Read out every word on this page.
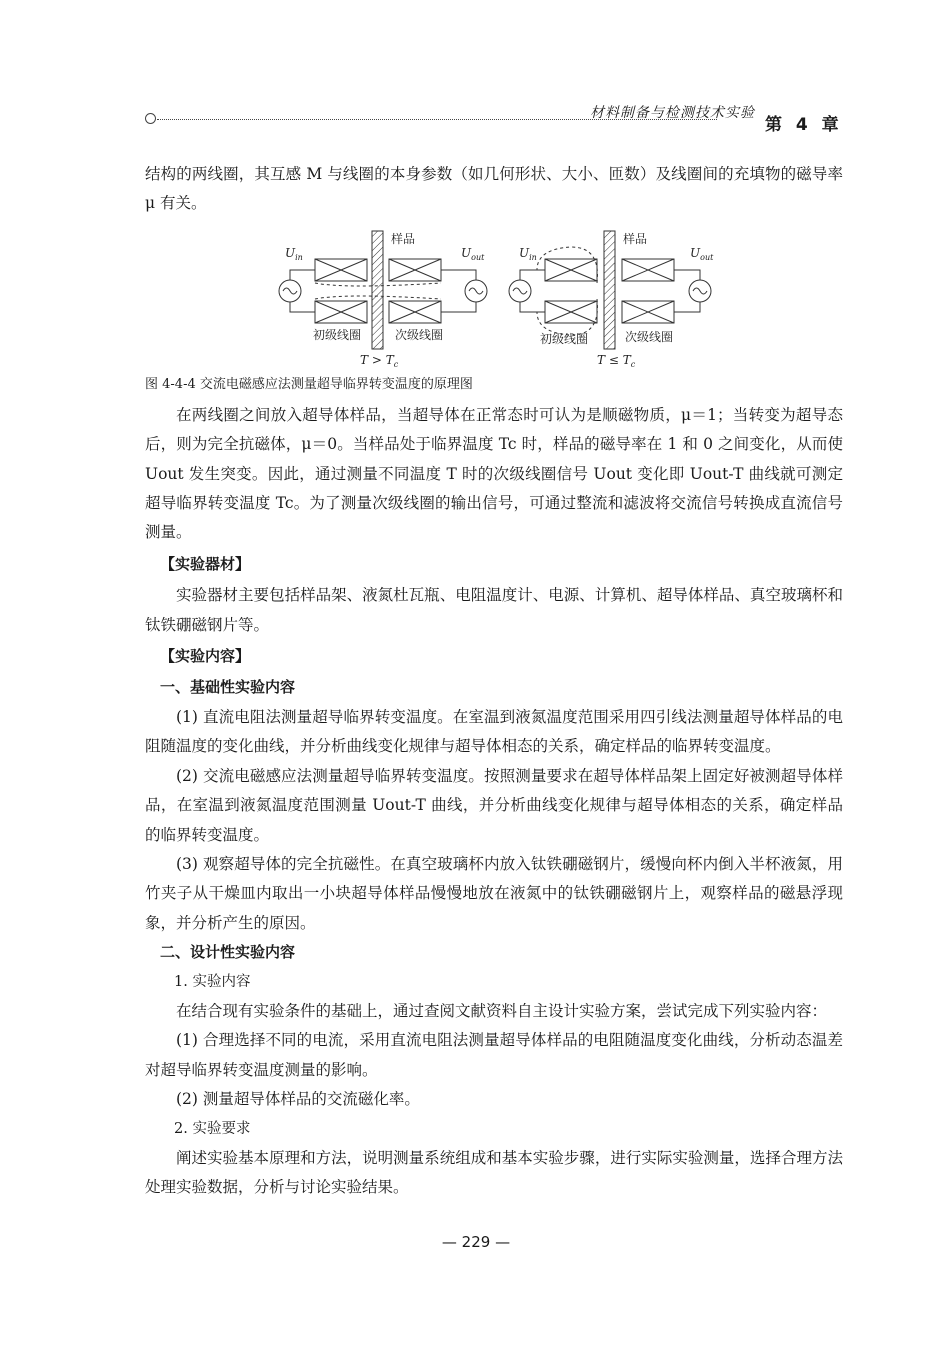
材料制备与检测技术实验
第 4 章

结构的两线圈，其互感 M 与线圈的本身参数（如几何形状、大小、匝数）及线圈间的充填物的磁导率 μ 有关。

样品
$U_{in}$	$U_{out}$
初级线圈	次级线圈
$T > T_c$
样品
$U_{in}$	$U_{out}$
初级线圈	次级线圈
$T \le T_c$

图 4-4-4 交流电磁感应法测量超导临界转变温度的原理图

在两线圈之间放入超导体样品，当超导体在正常态时可认为是顺磁物质，μ＝1；当转变为超导态后，则为完全抗磁体，μ＝0。当样品处于临界温度 Tc 时，样品的磁导率在 1 和 0 之间变化，从而使 Uout 发生突变。因此，通过测量不同温度 T 时的次级线圈信号 Uout 变化即 Uout-T 曲线就可测定超导临界转变温度 Tc。为了测量次级线圈的输出信号，可通过整流和滤波将交流信号转换成直流信号测量。

【实验器材】

实验器材主要包括样品架、液氮杜瓦瓶、电阻温度计、电源、计算机、超导体样品、真空玻璃杯和钛铁硼磁钢片等。

【实验内容】

一、基础性实验内容

(1) 直流电阻法测量超导临界转变温度。在室温到液氮温度范围采用四引线法测量超导体样品的电阻随温度的变化曲线，并分析曲线变化规律与超导体相态的关系，确定样品的临界转变温度。

(2) 交流电磁感应法测量超导临界转变温度。按照测量要求在超导体样品架上固定好被测超导体样品，在室温到液氮温度范围测量 Uout-T 曲线，并分析曲线变化规律与超导体相态的关系，确定样品的临界转变温度。

(3) 观察超导体的完全抗磁性。在真空玻璃杯内放入钛铁硼磁钢片，缓慢向杯内倒入半杯液氮，用竹夹子从干燥皿内取出一小块超导体样品慢慢地放在液氮中的钛铁硼磁钢片上，观察样品的磁悬浮现象，并分析产生的原因。

二、设计性实验内容

1. 实验内容

在结合现有实验条件的基础上，通过查阅文献资料自主设计实验方案，尝试完成下列实验内容：

(1) 合理选择不同的电流，采用直流电阻法测量超导体样品的电阻随温度变化曲线，分析动态温差对超导临界转变温度测量的影响。

(2) 测量超导体样品的交流磁化率。

2. 实验要求

阐述实验基本原理和方法，说明测量系统组成和基本实验步骤，进行实际实验测量，选择合理方法处理实验数据，分析与讨论实验结果。

— 229 —
